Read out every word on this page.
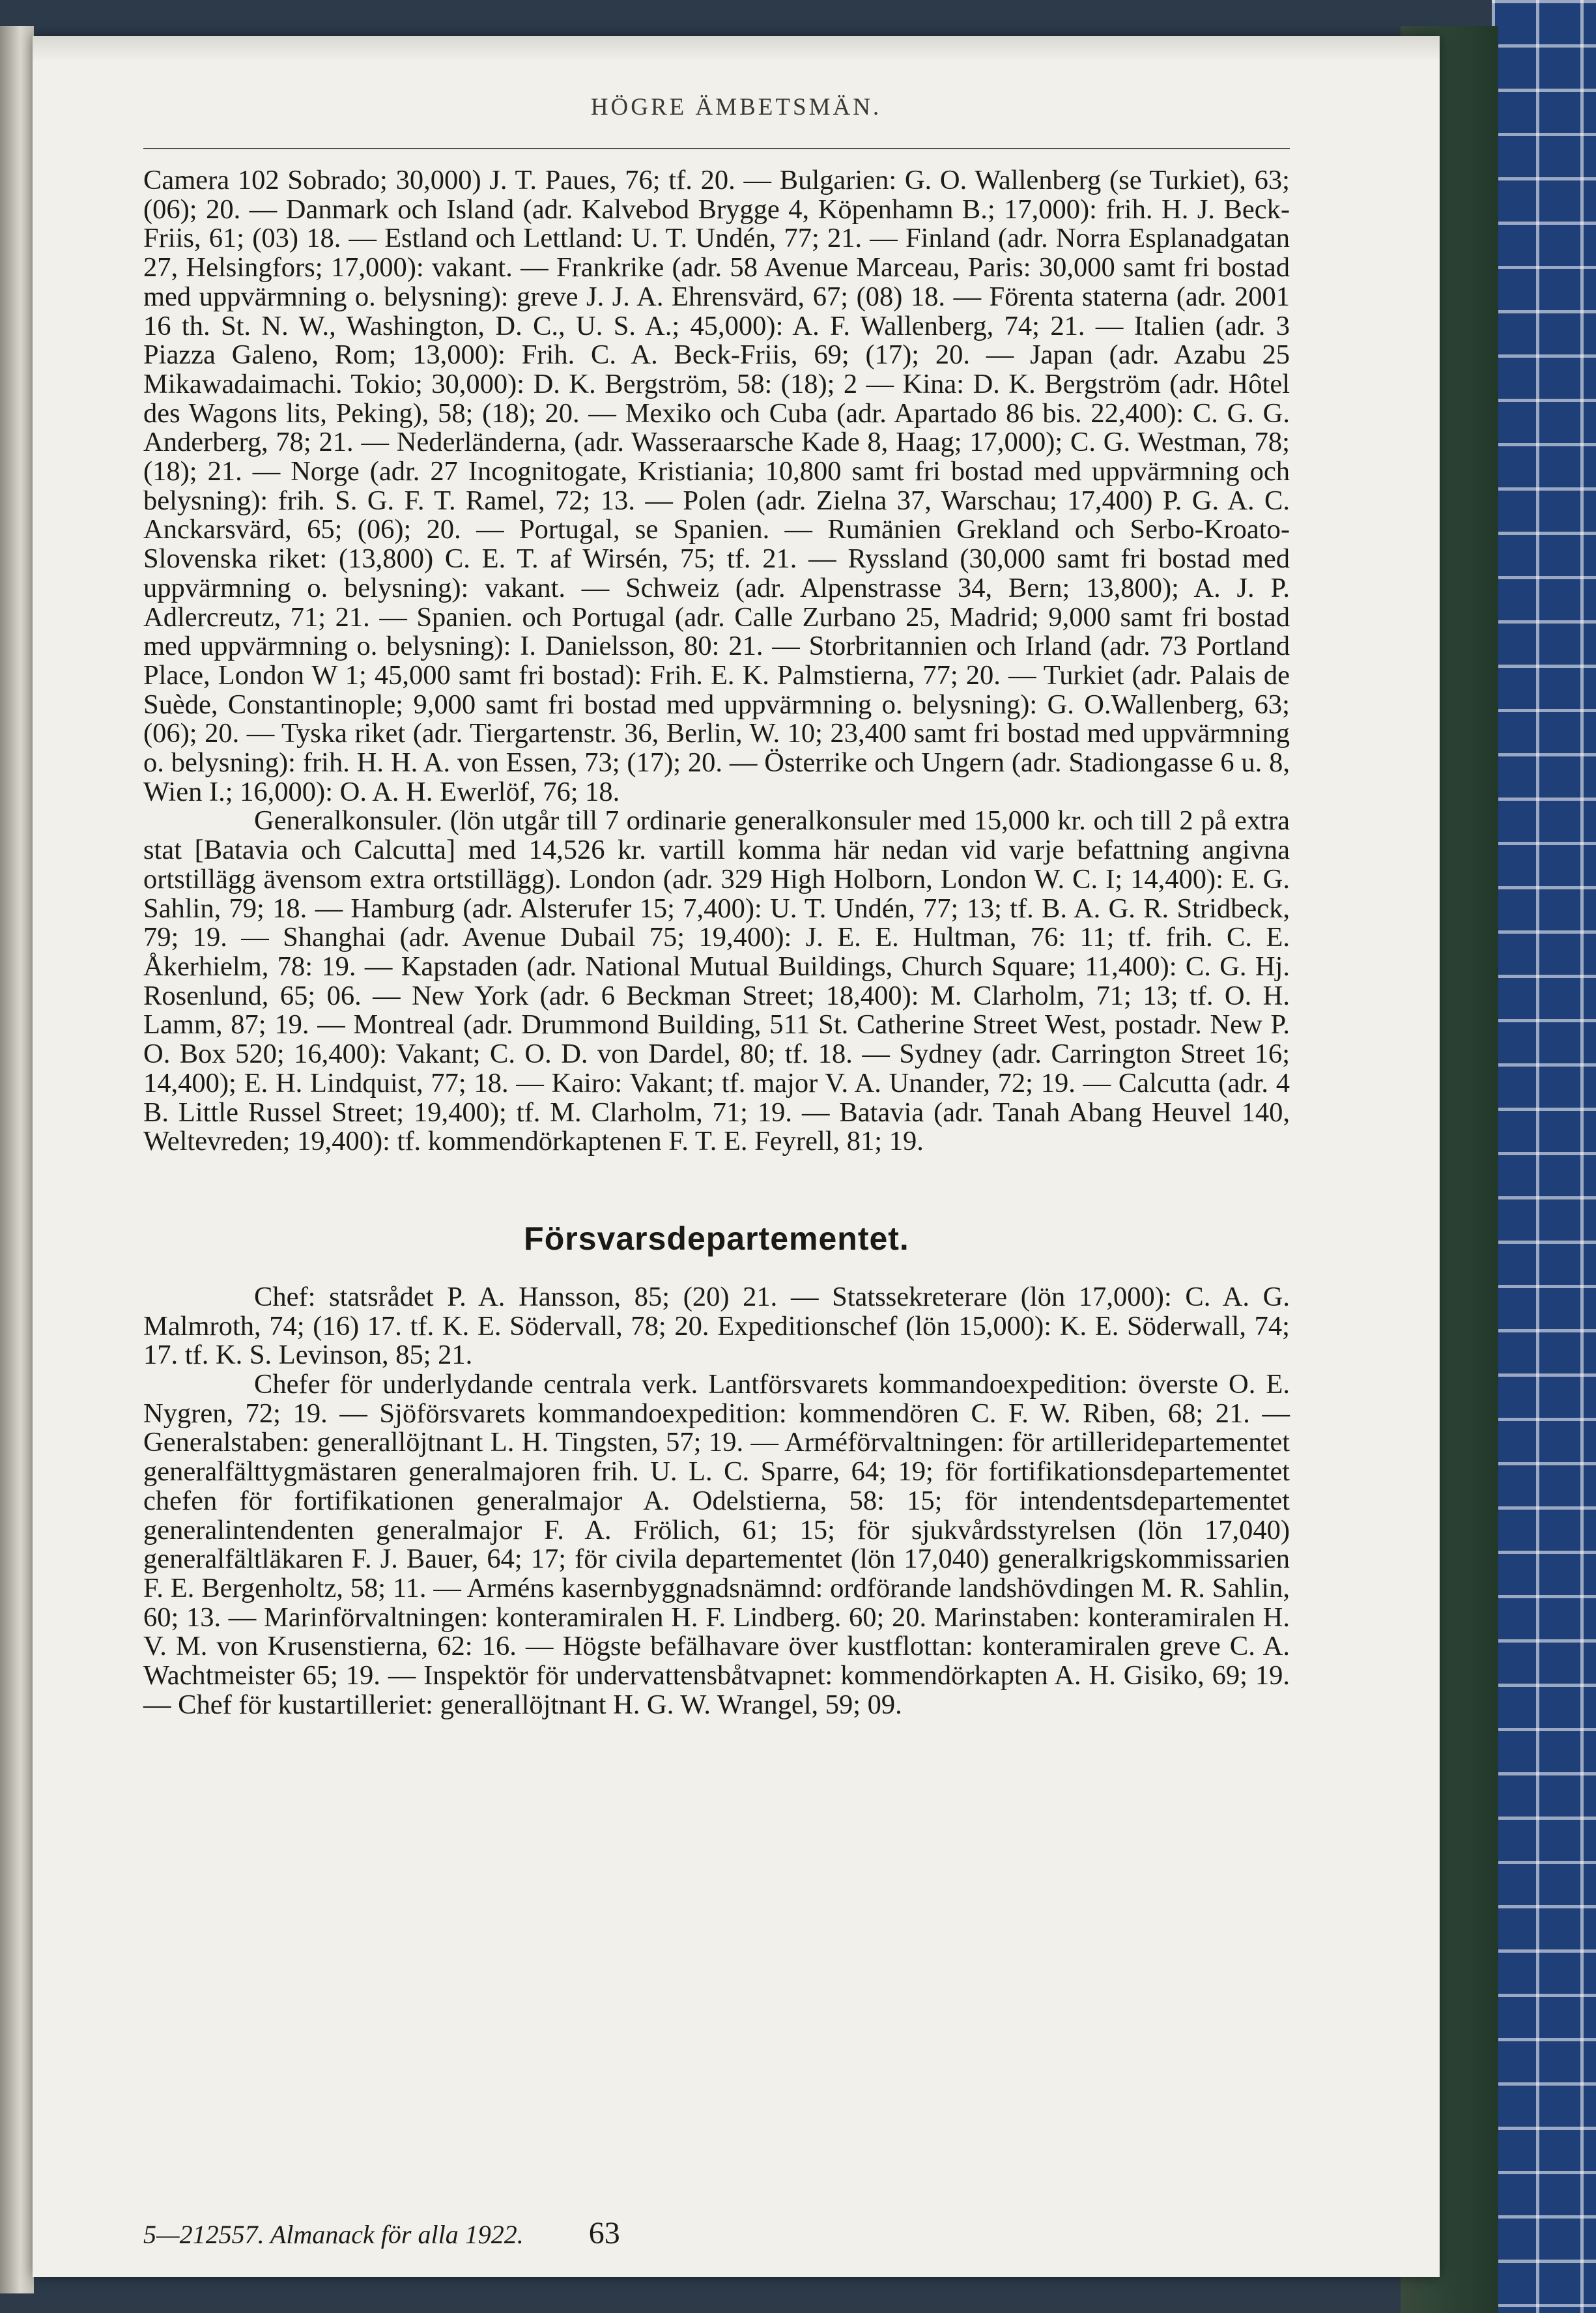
HÖGRE ÄMBETSMÄN.

Camera 102 Sobrado; 30,000) J. T. Paues, 76; tf. 20. — Bulgarien: G. O. Wallenberg (se Turkiet), 63; (06); 20. — Danmark och Island (adr. Kalvebod Brygge 4, Köpenhamn B.; 17,000): frih. H. J. Beck-Friis, 61; (03) 18. — Estland och Lettland: U. T. Undén, 77; 21. — Finland (adr. Norra Esplanadgatan 27, Helsingfors; 17,000): vakant. — Frankrike (adr. 58 Avenue Marceau, Paris: 30,000 samt fri bostad med uppvärmning o. belysning): greve J. J. A. Ehrensvärd, 67; (08) 18. — Förenta staterna (adr. 2001 16 th. St. N. W., Washington, D. C., U. S. A.; 45,000): A. F. Wallenberg, 74; 21. — Italien (adr. 3 Piazza Galeno, Rom; 13,000): Frih. C. A. Beck-Friis, 69; (17); 20. — Japan (adr. Azabu 25 Mikawadaimachi. Tokio; 30,000): D. K. Bergström, 58: (18); 2 — Kina: D. K. Bergström (adr. Hôtel des Wagons lits, Peking), 58; (18); 20. — Mexiko och Cuba (adr. Apartado 86 bis. 22,400): C. G. G. Anderberg, 78; 21. — Nederländerna, (adr. Wasseraarsche Kade 8, Haag; 17,000); C. G. Westman, 78; (18); 21. — Norge (adr. 27 Incognitogate, Kristiania; 10,800 samt fri bostad med uppvärmning och belysning): frih. S. G. F. T. Ramel, 72; 13. — Polen (adr. Zielna 37, Warschau; 17,400) P. G. A. C. Anckarsvärd, 65; (06); 20. — Portugal, se Spanien. — Rumänien Grekland och Serbo-Kroato-Slovenska riket: (13,800) C. E. T. af Wirsén, 75; tf. 21. — Ryssland (30,000 samt fri bostad med uppvärmning o. belysning): vakant. — Schweiz (adr. Alpenstrasse 34, Bern; 13,800); A. J. P. Adlercreutz, 71; 21. — Spanien. och Portugal (adr. Calle Zurbano 25, Madrid; 9,000 samt fri bostad med uppvärmning o. belysning): I. Danielsson, 80: 21. — Storbritannien och Irland (adr. 73 Portland Place, London W 1; 45,000 samt fri bostad): Frih. E. K. Palmstierna, 77; 20. — Turkiet (adr. Palais de Suède, Constantinople; 9,000 samt fri bostad med uppvärmning o. belysning): G. O.Wallenberg, 63; (06); 20. — Tyska riket (adr. Tiergartenstr. 36, Berlin, W. 10; 23,400 samt fri bostad med uppvärmning o. belysning): frih. H. H. A. von Essen, 73; (17); 20. — Österrike och Ungern (adr. Stadiongasse 6 u. 8, Wien I.; 16,000): O. A. H. Ewerlöf, 76; 18.

Generalkonsuler. (lön utgår till 7 ordinarie generalkonsuler med 15,000 kr. och till 2 på extra stat [Batavia och Calcutta] med 14,526 kr. vartill komma här nedan vid varje befattning angivna ortstillägg ävensom extra ortstillägg). London (adr. 329 High Holborn, London W. C. I; 14,400): E. G. Sahlin, 79; 18. — Hamburg (adr. Alsterufer 15; 7,400): U. T. Undén, 77; 13; tf. B. A. G. R. Stridbeck, 79; 19. — Shanghai (adr. Avenue Dubail 75; 19,400): J. E. E. Hultman, 76: 11; tf. frih. C. E. Åkerhielm, 78: 19. — Kapstaden (adr. National Mutual Buildings, Church Square; 11,400): C. G. Hj. Rosenlund, 65; 06. — New York (adr. 6 Beckman Street; 18,400): M. Clarholm, 71; 13; tf. O. H. Lamm, 87; 19. — Montreal (adr. Drummond Building, 511 St. Catherine Street West, postadr. New P. O. Box 520; 16,400): Vakant; C. O. D. von Dardel, 80; tf. 18. — Sydney (adr. Carrington Street 16; 14,400); E. H. Lindquist, 77; 18. — Kairo: Vakant; tf. major V. A. Unander, 72; 19. — Calcutta (adr. 4 B. Little Russel Street; 19,400); tf. M. Clarholm, 71; 19. — Batavia (adr. Tanah Abang Heuvel 140, Weltevreden; 19,400): tf. kommendörkaptenen F. T. E. Feyrell, 81; 19.

Försvarsdepartementet.

Chef: statsrådet P. A. Hansson, 85; (20) 21. — Statssekreterare (lön 17,000): C. A. G. Malmroth, 74; (16) 17. tf. K. E. Södervall, 78; 20. Expeditionschef (lön 15,000): K. E. Söderwall, 74; 17. tf. K. S. Levinson, 85; 21.

Chefer för underlydande centrala verk. Lantförsvarets kommandoexpedition: överste O. E. Nygren, 72; 19. — Sjöförsvarets kommandoexpedition: kommendören C. F. W. Riben, 68; 21. — Generalstaben: generallöjtnant L. H. Tingsten, 57; 19. — Arméförvaltningen: för artilleridepartementet generalfälttygmästaren generalmajoren frih. U. L. C. Sparre, 64; 19; för fortifikationsdepartementet chefen för fortifikationen generalmajor A. Odelstierna, 58: 15; för intendentsdepartementet generalintendenten generalmajor F. A. Frölich, 61; 15; för sjukvårdsstyrelsen (lön 17,040) generalfältläkaren F. J. Bauer, 64; 17; för civila departementet (lön 17,040) generalkrigskommissarien F. E. Bergenholtz, 58; 11. — Arméns kasernbyggnadsnämnd: ordförande landshövdingen M. R. Sahlin, 60; 13. — Marinförvaltningen: konteramiralen H. F. Lindberg. 60; 20. Marinstaben: konteramiralen H. V. M. von Krusenstierna, 62: 16. — Högste befälhavare över kustflottan: konteramiralen greve C. A. Wachtmeister 65; 19. — Inspektör för undervattensbåtvapnet: kommendörkapten A. H. Gisiko, 69; 19. — Chef för kustartilleriet: generallöjtnant H. G. W. Wrangel, 59; 09.

5—212557. Almanack för alla 1922. 63
